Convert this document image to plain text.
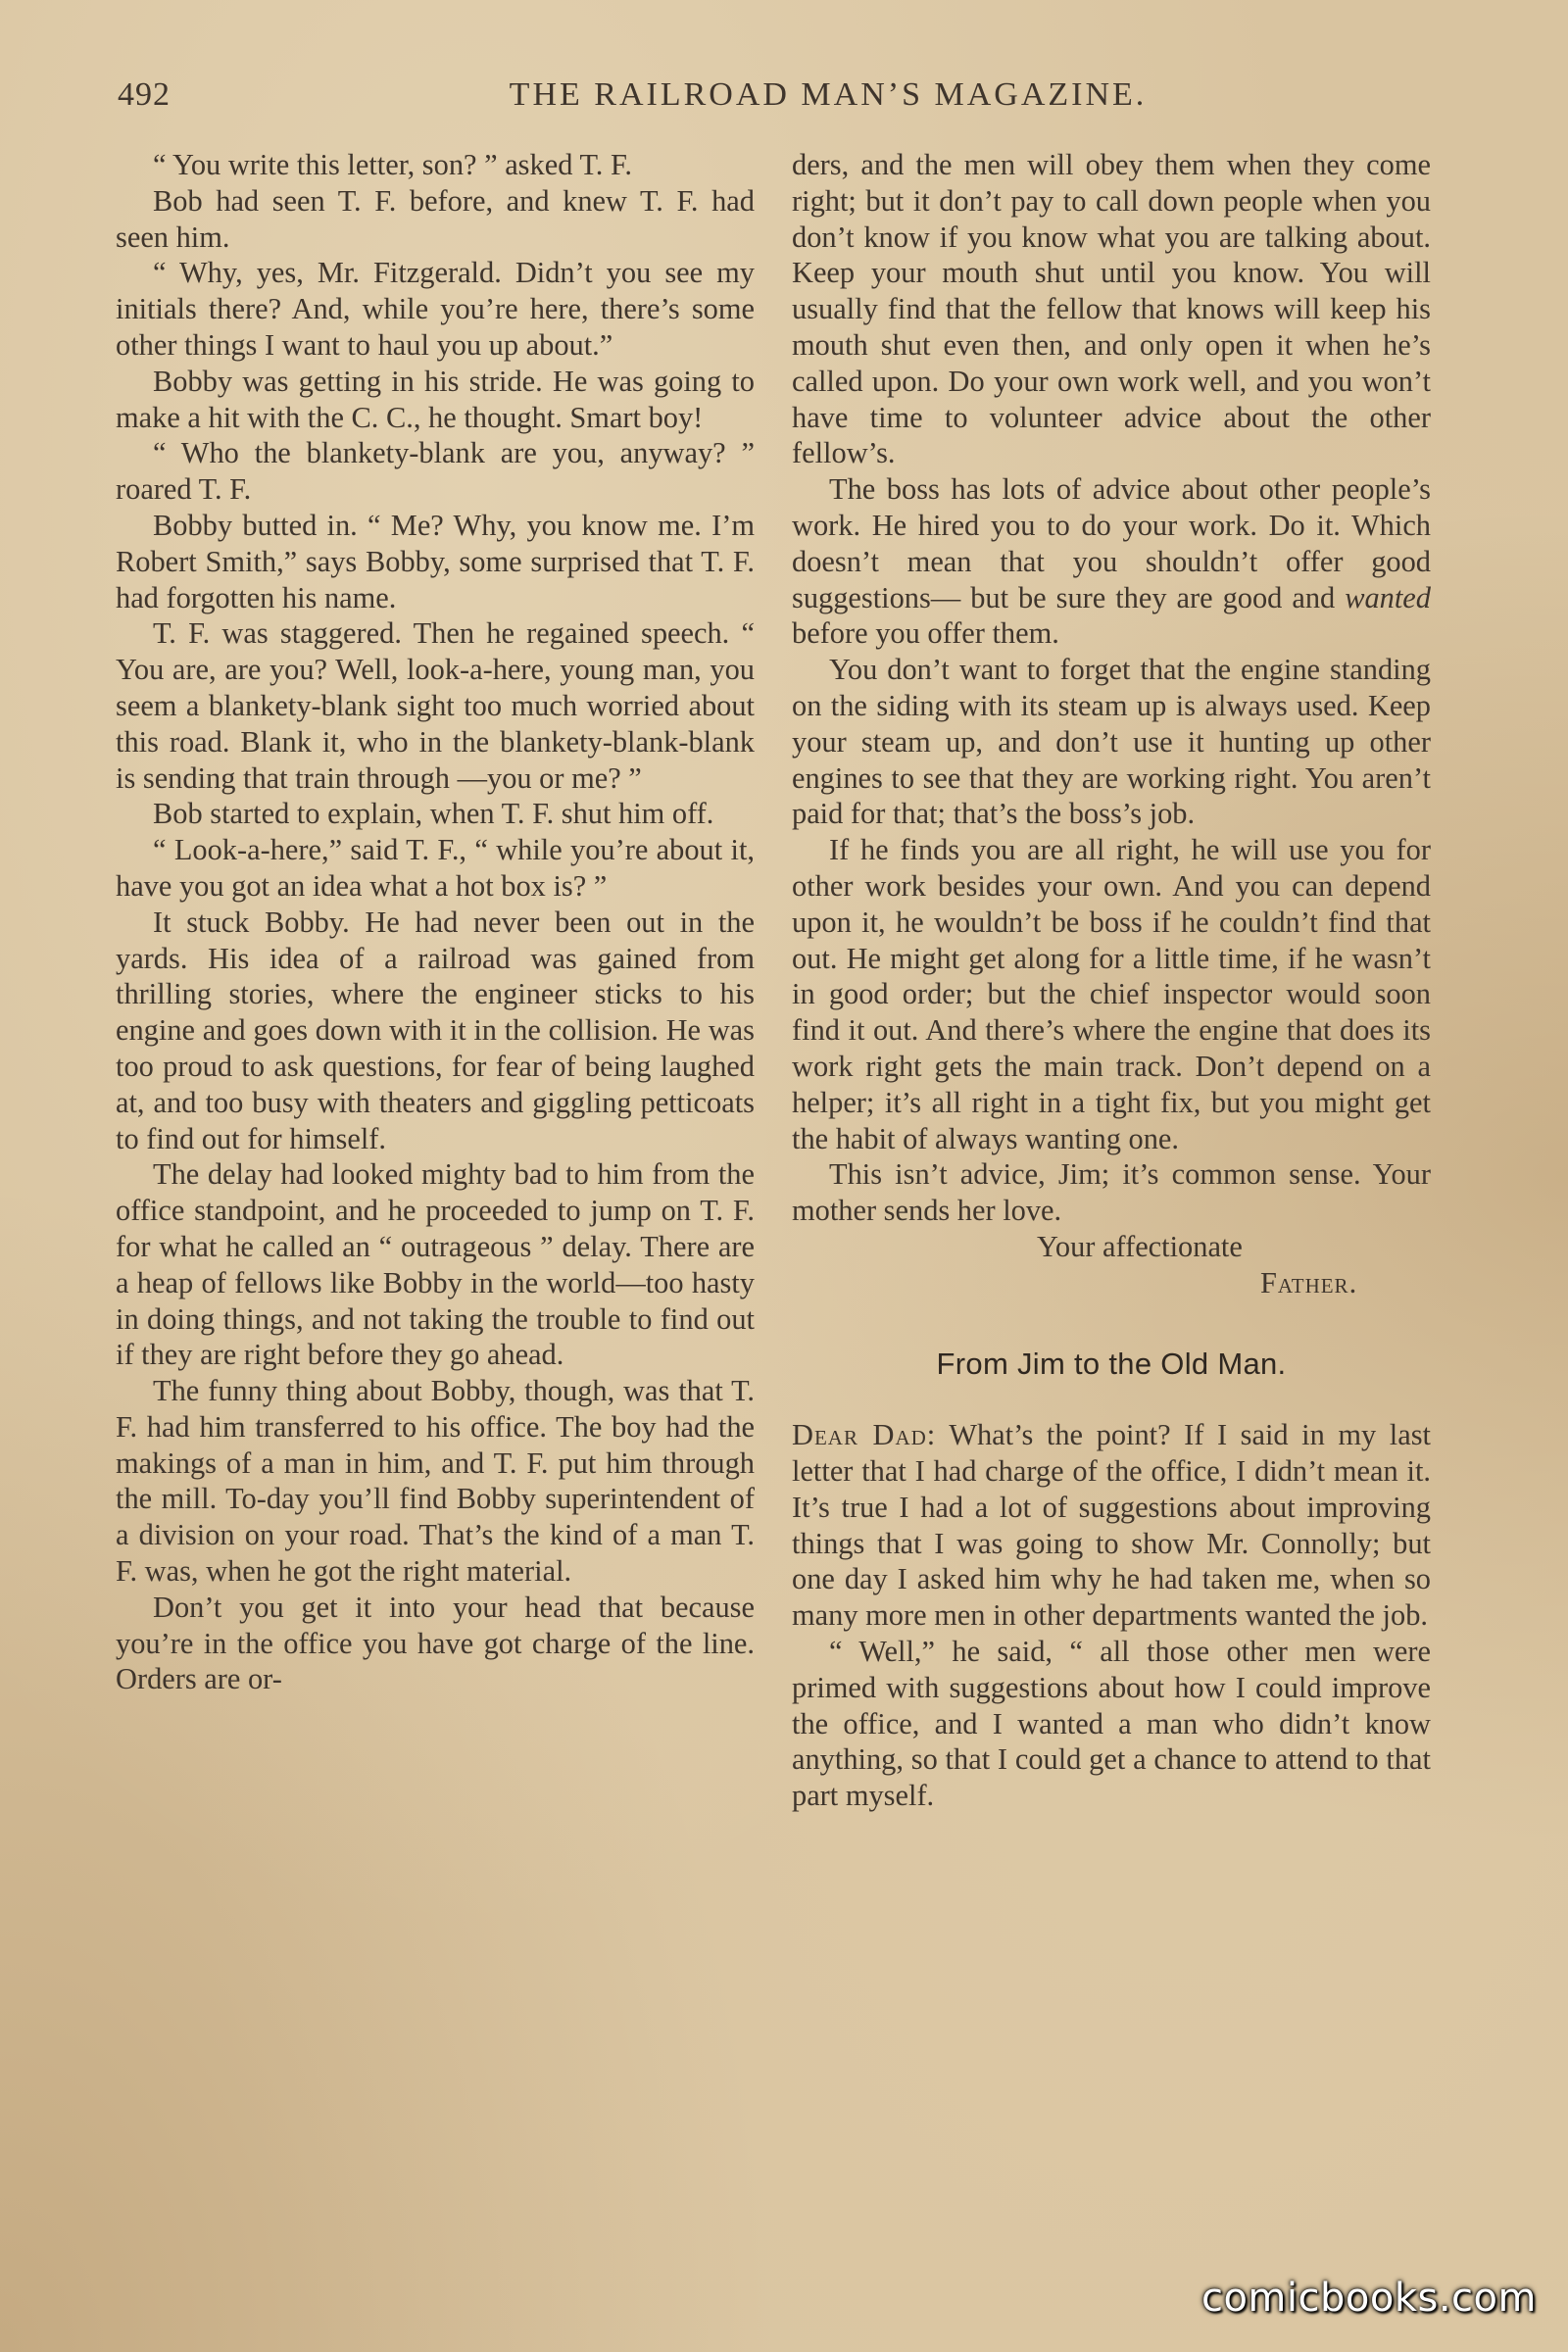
492	THE RAILROAD MAN’S MAGAZINE.

“ You write this letter, son? ” asked T. F.

Bob had seen T. F. before, and knew T. F. had seen him.

“ Why, yes, Mr. Fitzgerald. Didn’t you see my initials there? And, while you’re here, there’s some other things I want to haul you up about.”

Bobby was getting in his stride. He was going to make a hit with the C. C., he thought. Smart boy!

“ Who the blankety-blank are you, anyway? ” roared T. F.

Bobby butted in. “ Me? Why, you know me. I’m Robert Smith,” says Bobby, some surprised that T. F. had forgotten his name.

T. F. was staggered. Then he regained speech. “ You are, are you? Well, look-a-here, young man, you seem a blankety-blank sight too much worried about this road. Blank it, who in the blankety-blank-blank is sending that train through —you or me? ”

Bob started to explain, when T. F. shut him off.

“ Look-a-here,” said T. F., “ while you’re about it, have you got an idea what a hot box is? ”

It stuck Bobby. He had never been out in the yards. His idea of a railroad was gained from thrilling stories, where the engineer sticks to his engine and goes down with it in the collision. He was too proud to ask questions, for fear of being laughed at, and too busy with theaters and giggling petticoats to find out for himself.

The delay had looked mighty bad to him from the office standpoint, and he proceeded to jump on T. F. for what he called an “ outrageous ” delay. There are a heap of fellows like Bobby in the world—too hasty in doing things, and not taking the trouble to find out if they are right before they go ahead.

The funny thing about Bobby, though, was that T. F. had him transferred to his office. The boy had the makings of a man in him, and T. F. put him through the mill. To-day you’ll find Bobby superintendent of a division on your road. That’s the kind of a man T. F. was, when he got the right material.

Don’t you get it into your head that because you’re in the office you have got charge of the line. Orders are or-

ders, and the men will obey them when they come right; but it don’t pay to call down people when you don’t know if you know what you are talking about. Keep your mouth shut until you know. You will usually find that the fellow that knows will keep his mouth shut even then, and only open it when he’s called upon. Do your own work well, and you won’t have time to volunteer advice about the other fellow’s.

The boss has lots of advice about other people’s work. He hired you to do your work. Do it. Which doesn’t mean that you shouldn’t offer good suggestions— but be sure they are good and wanted before you offer them.

You don’t want to forget that the engine standing on the siding with its steam up is always used. Keep your steam up, and don’t use it hunting up other engines to see that they are working right. You aren’t paid for that; that’s the boss’s job.

If he finds you are all right, he will use you for other work besides your own. And you can depend upon it, he wouldn’t be boss if he couldn’t find that out. He might get along for a little time, if he wasn’t in good order; but the chief inspector would soon find it out. And there’s where the engine that does its work right gets the main track. Don’t depend on a helper; it’s all right in a tight fix, but you might get the habit of always wanting one.

This isn’t advice, Jim; it’s common sense. Your mother sends her love.

Your affectionate
Father.
From Jim to the Old Man.

Dear Dad: What’s the point? If I said in my last letter that I had charge of the office, I didn’t mean it. It’s true I had a lot of suggestions about improving things that I was going to show Mr. Connolly; but one day I asked him why he had taken me, when so many more men in other departments wanted the job.

“ Well,” he said, “ all those other men were primed with suggestions about how I could improve the office, and I wanted a man who didn’t know anything, so that I could get a chance to attend to that part myself.

comicbooks.com
